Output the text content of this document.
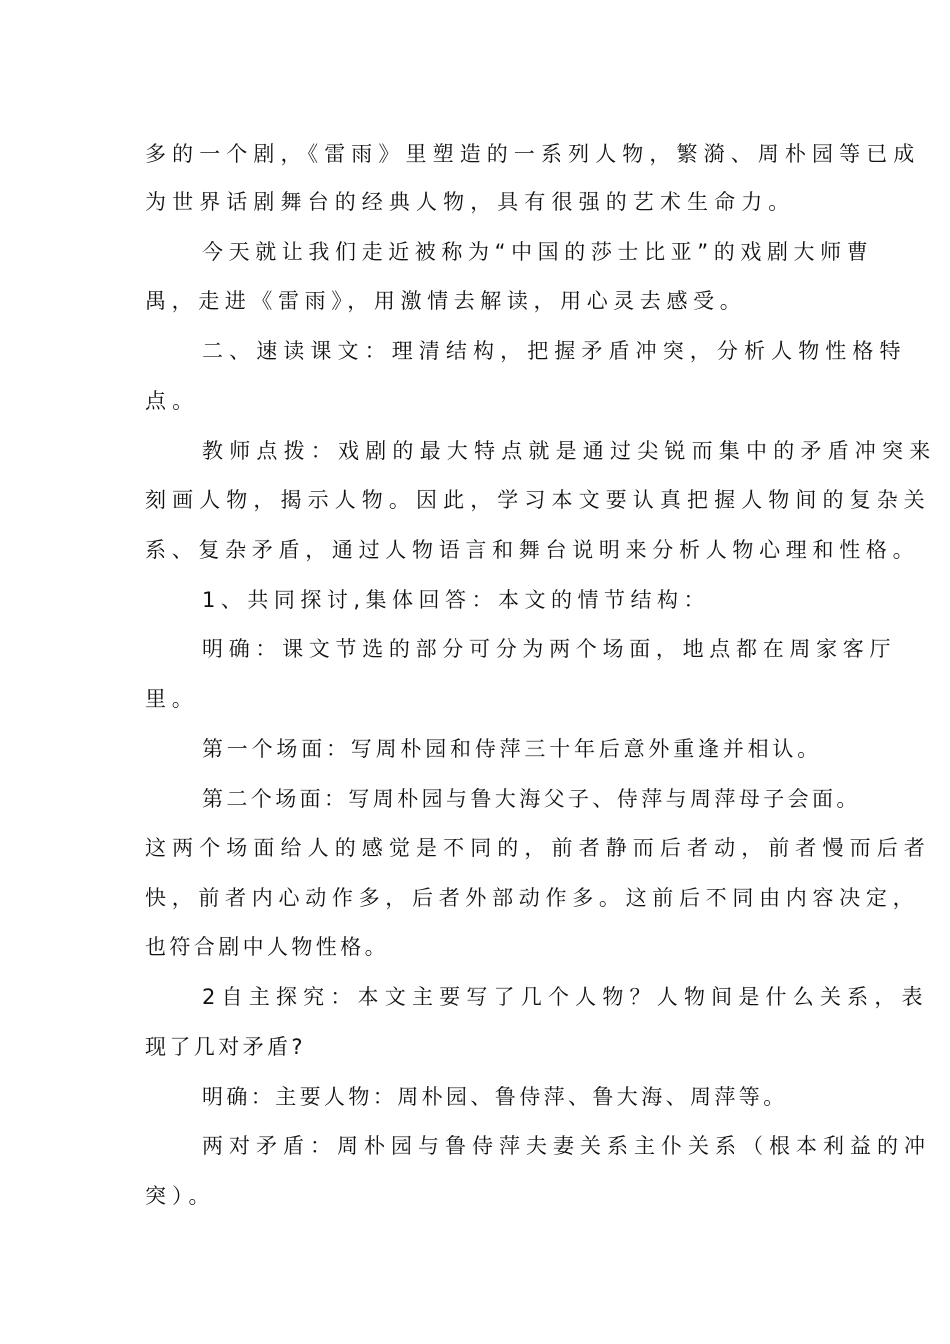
多的一个剧，《雷雨》里塑造的一系列人物，繁漪、周朴园等已成
为世界话剧舞台的经典人物，具有很强的艺术生命力。
今天就让我们走近被称为“中国的莎士比亚”的戏剧大师曹
禺，走进《雷雨》，用激情去解读，用心灵去感受。
二、速读课文：理清结构，把握矛盾冲突，分析人物性格特
点。
教师点拨：戏剧的最大特点就是通过尖锐而集中的矛盾冲突来
刻画人物，揭示人物。因此，学习本文要认真把握人物间的复杂关
系、复杂矛盾，通过人物语言和舞台说明来分析人物心理和性格。
1、共同探讨,集体回答：本文的情节结构：
明确：课文节选的部分可分为两个场面，地点都在周家客厅
里。
第一个场面：写周朴园和侍萍三十年后意外重逢并相认。
第二个场面：写周朴园与鲁大海父子、侍萍与周萍母子会面。
这两个场面给人的感觉是不同的，前者静而后者动，前者慢而后者
快，前者内心动作多，后者外部动作多。这前后不同由内容决定，
也符合剧中人物性格。
2自主探究：本文主要写了几个人物？人物间是什么关系，表
现了几对矛盾?
明确：主要人物：周朴园、鲁侍萍、鲁大海、周萍等。
两对矛盾：周朴园与鲁侍萍夫妻关系主仆关系（根本利益的冲
突）。
